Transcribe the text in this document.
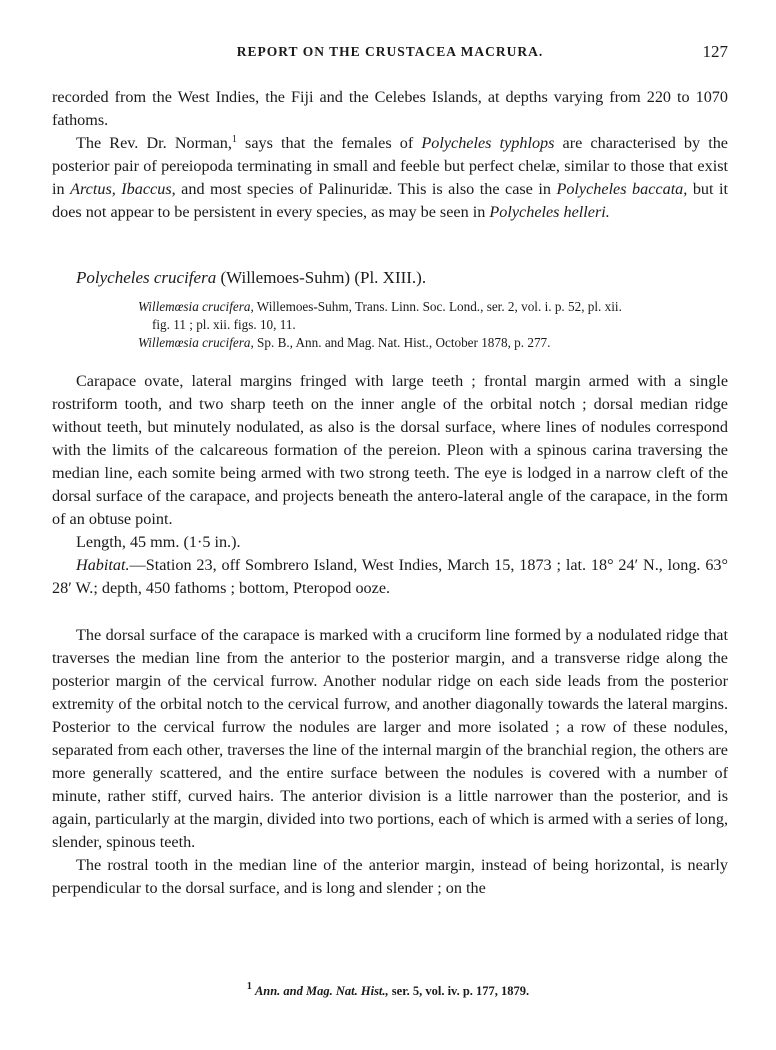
REPORT ON THE CRUSTACEA MACRURA.	127

recorded from the West Indies, the Fiji and the Celebes Islands, at depths varying from 220 to 1070 fathoms.

The Rev. Dr. Norman,$^1$ says that the females of Polycheles typhlops are characterised by the posterior pair of pereiopoda terminating in small and feeble but perfect chelæ, similar to those that exist in Arctus, Ibaccus, and most species of Palinuridæ. This is also the case in Polycheles baccata, but it does not appear to be persistent in every species, as may be seen in Polycheles helleri.

Polycheles crucifera (Willemoes-Suhm) (Pl. XIII.).
Willemœsia crucifera, Willemoes-Suhm, Trans. Linn. Soc. Lond., ser. 2, vol. i. p. 52, pl. xii.
fig. 11 ; pl. xii. figs. 10, 11.
Willemœsia crucifera, Sp. B., Ann. and Mag. Nat. Hist., October 1878, p. 277.

Carapace ovate, lateral margins fringed with large teeth ; frontal margin armed with a single rostriform tooth, and two sharp teeth on the inner angle of the orbital notch ; dorsal median ridge without teeth, but minutely nodulated, as also is the dorsal surface, where lines of nodules correspond with the limits of the calcareous formation of the pereion. Pleon with a spinous carina traversing the median line, each somite being armed with two strong teeth. The eye is lodged in a narrow cleft of the dorsal surface of the carapace, and projects beneath the antero-lateral angle of the carapace, in the form of an obtuse point.

Length, 45 mm. (1·5 in.).

Habitat.—Station 23, off Sombrero Island, West Indies, March 15, 1873 ; lat. 18° 24′ N., long. 63° 28′ W.; depth, 450 fathoms ; bottom, Pteropod ooze.

The dorsal surface of the carapace is marked with a cruciform line formed by a nodulated ridge that traverses the median line from the anterior to the posterior margin, and a transverse ridge along the posterior margin of the cervical furrow. Another nodular ridge on each side leads from the posterior extremity of the orbital notch to the cervical furrow, and another diagonally towards the lateral margins. Posterior to the cervical furrow the nodules are larger and more isolated ; a row of these nodules, separated from each other, traverses the line of the internal margin of the branchial region, the others are more generally scattered, and the entire surface between the nodules is covered with a number of minute, rather stiff, curved hairs. The anterior division is a little narrower than the posterior, and is again, particularly at the margin, divided into two portions, each of which is armed with a series of long, slender, spinous teeth.

The rostral tooth in the median line of the anterior margin, instead of being horizontal, is nearly perpendicular to the dorsal surface, and is long and slender ; on the

$^1$ Ann. and Mag. Nat. Hist., ser. 5, vol. iv. p. 177, 1879.
